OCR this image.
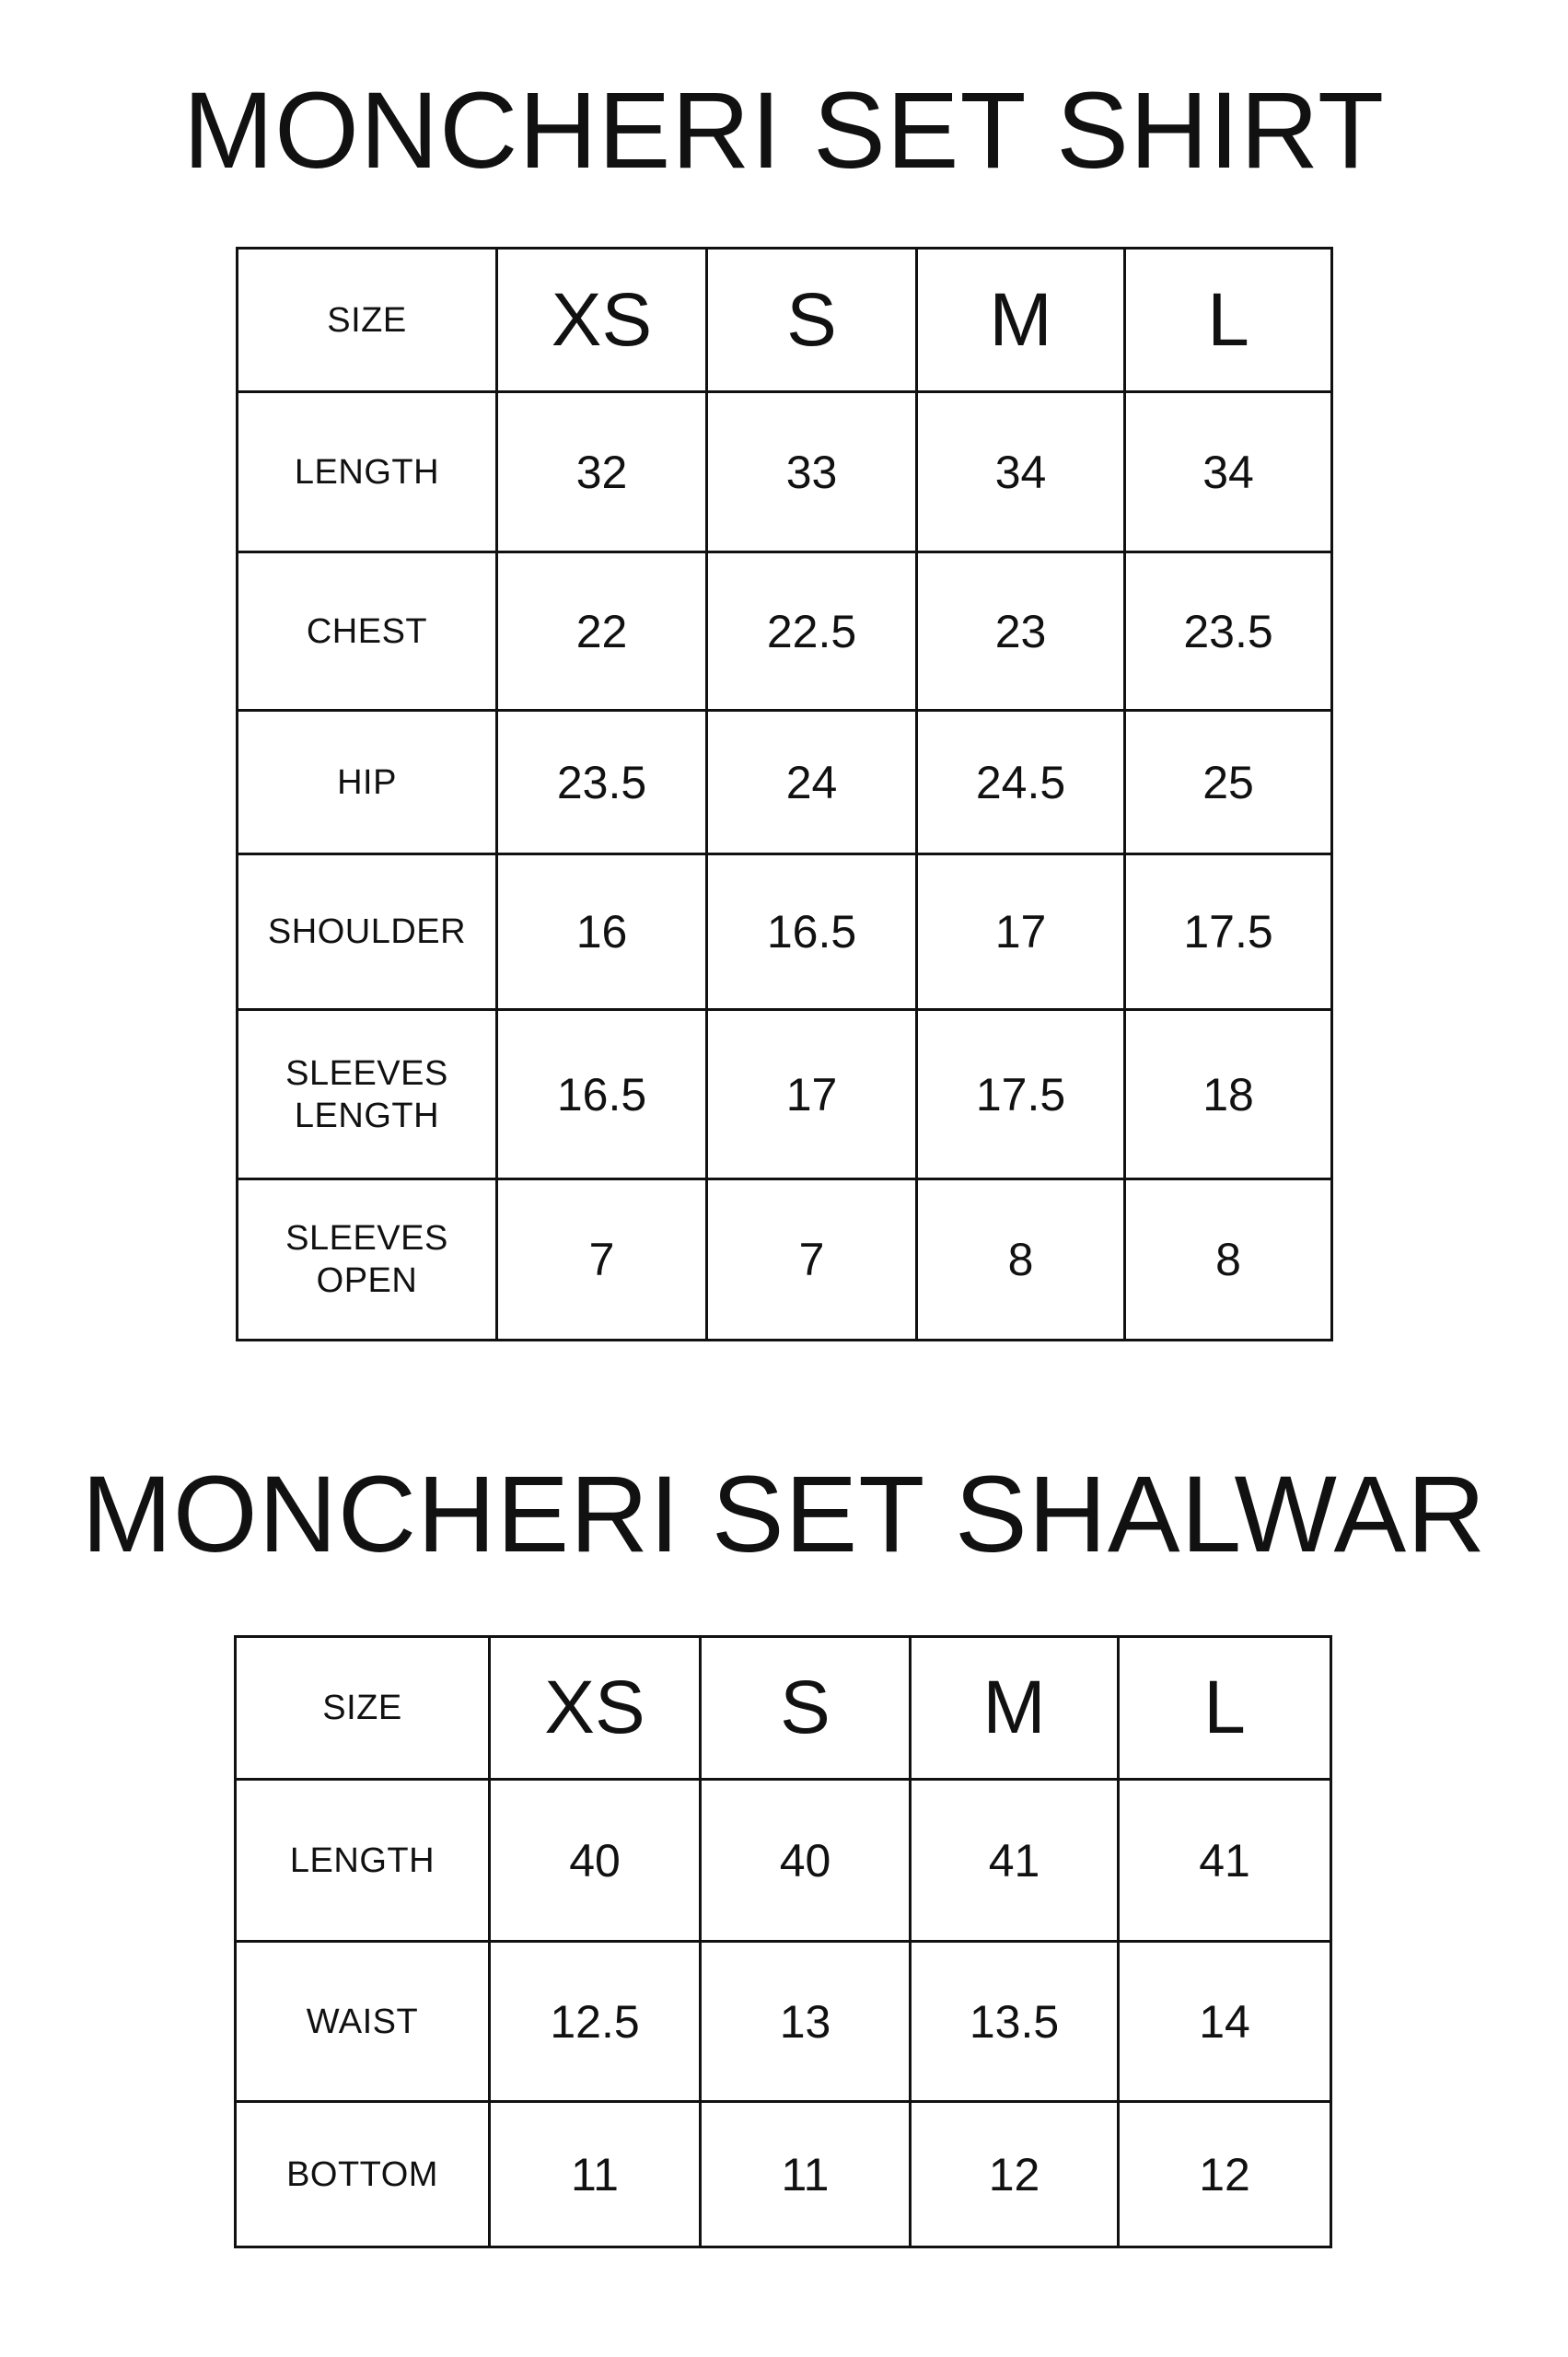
MONCHERI SET SHIRT
SIZE	XS	S	M	L

LENGTH	32	33	34	34

CHEST	22	22.5	23	23.5

HIP	23.5	24	24.5	25

SHOULDER	16	16.5	17	17.5

SLEEVES
LENGTH	16.5	17	17.5	18

SLEEVES
OPEN	7	7	8	8
MONCHERI SET SHALWAR
SIZE	XS	S	M	L

LENGTH	40	40	41	41

WAIST	12.5	13	13.5	14

BOTTOM	11	11	12	12
